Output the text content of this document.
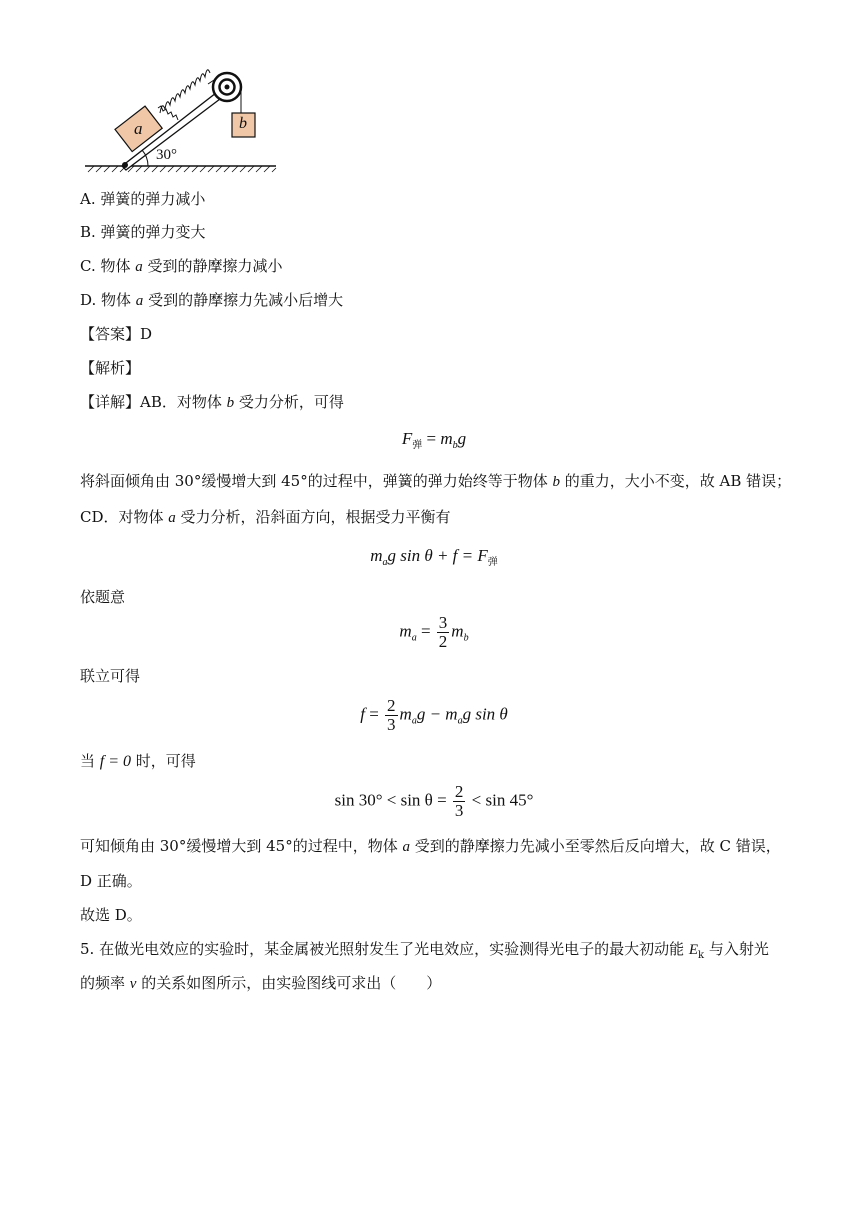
a	b
30°
A. 弹簧的弹力减小
B. 弹簧的弹力变大
C. 物体 a 受到的静摩擦力减小
D. 物体 a 受到的静摩擦力先减小后增大
【答案】D
【解析】
【详解】AB．对物体 b 受力分析，可得
$F_弹 = m_bg$
将斜面倾角由 30°缓慢增大到 45°的过程中，弹簧的弹力始终等于物体 b 的重力，大小不变，故 AB 错误；
CD．对物体 a 受力分析，沿斜面方向，根据受力平衡有
$m_ag$ $\sin \theta + f = F_弹$
依题意
$m_a = \frac{3}{2} m_b$
联立可得
$f = \frac{2}{3} m_ag - m_ag$ sin θ
当 f = 0 时，可得
$\sin 30^\circ < \sin \theta = \frac{2}{3} < \sin 45^\circ$
可知倾角由 30°缓慢增大到 45°的过程中，物体 a 受到的静摩擦力先减小至零然后反向增大，故 C 错误，
D 正确。
故选 D。
5. 在做光电效应的实验时，某金属被光照射发生了光电效应，实验测得光电子的最大初动能 $E_k$ 与入射光
的频率 v 的关系如图所示，由实验图线可求出（　　）
